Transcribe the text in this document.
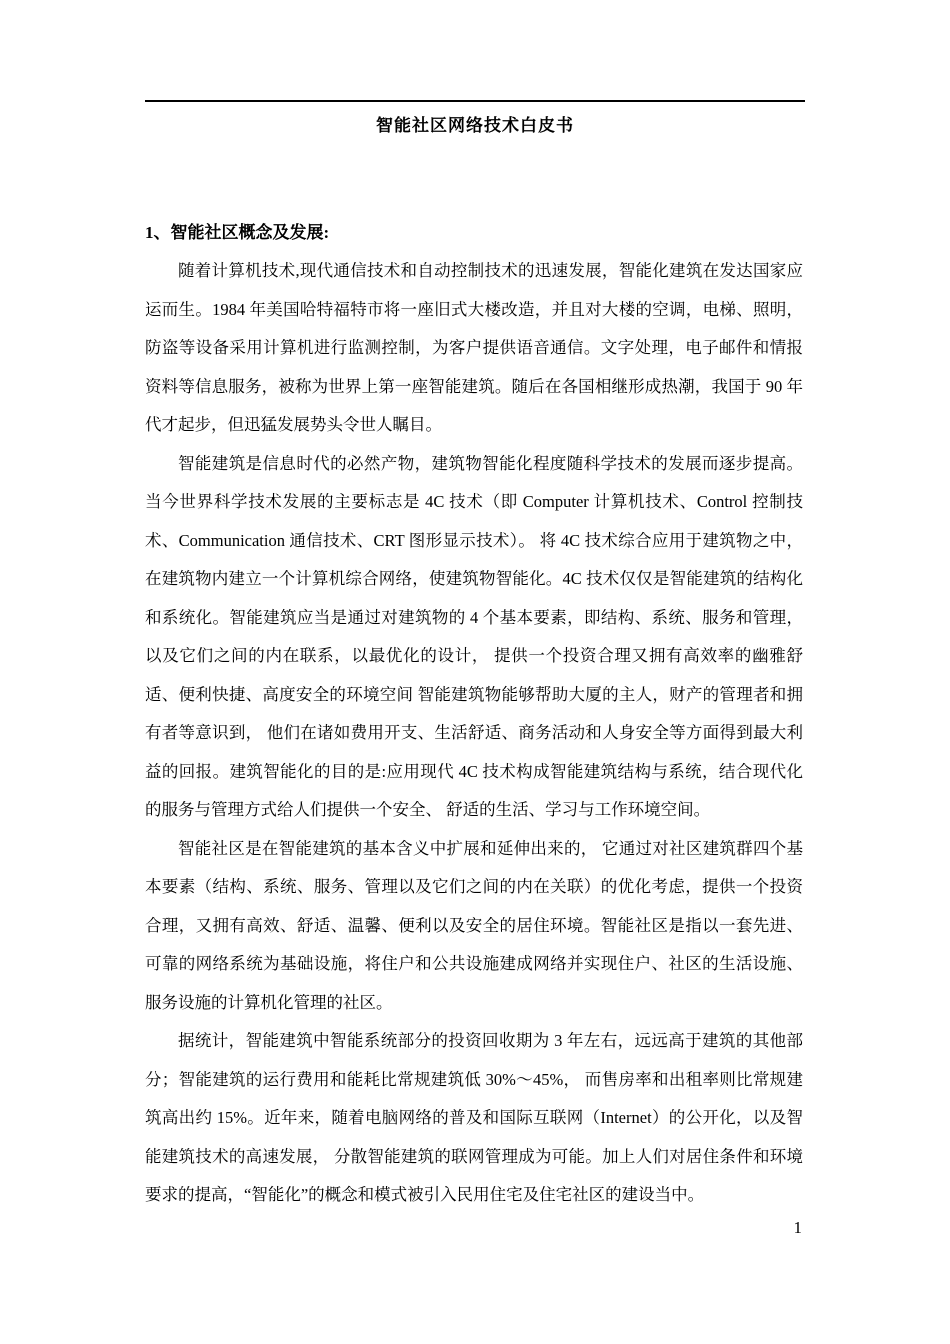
智能社区网络技术白皮书
1、智能社区概念及发展:

随着计算机技术,现代通信技术和自动控制技术的迅速发展，智能化建筑在发达国家应运而生。1984 年美国哈特福特市将一座旧式大楼改造，并且对大楼的空调，电梯、照明，防盗等设备采用计算机进行监测控制，为客户提供语音通信。文字处理，电子邮件和情报资料等信息服务，被称为世界上第一座智能建筑。随后在各国相继形成热潮，我国于 90 年代才起步，但迅猛发展势头令世人瞩目。

智能建筑是信息时代的必然产物，建筑物智能化程度随科学技术的发展而逐步提高。 当今世界科学技术发展的主要标志是 4C 技术（即 Computer 计算机技术、Control 控制技术、Communication 通信技术、CRT 图形显示技术）。 将 4C 技术综合应用于建筑物之中，在建筑物内建立一个计算机综合网络，使建筑物智能化。4C 技术仅仅是智能建筑的结构化和系统化。智能建筑应当是通过对建筑物的 4 个基本要素，即结构、系统、服务和管理，以及它们之间的内在联系，以最优化的设计， 提供一个投资合理又拥有高效率的幽雅舒适、便利快捷、高度安全的环境空间 智能建筑物能够帮助大厦的主人，财产的管理者和拥有者等意识到， 他们在诸如费用开支、生活舒适、商务活动和人身安全等方面得到最大利益的回报。建筑智能化的目的是:应用现代 4C 技术构成智能建筑结构与系统，结合现代化的服务与管理方式给人们提供一个安全、 舒适的生活、学习与工作环境空间。

智能社区是在智能建筑的基本含义中扩展和延伸出来的， 它通过对社区建筑群四个基本要素（结构、系统、服务、管理以及它们之间的内在关联）的优化考虑，提供一个投资合理，又拥有高效、舒适、温馨、便利以及安全的居住环境。智能社区是指以一套先进、可靠的网络系统为基础设施，将住户和公共设施建成网络并实现住户、社区的生活设施、服务设施的计算机化管理的社区。

据统计，智能建筑中智能系统部分的投资回收期为 3 年左右，远远高于建筑的其他部分；智能建筑的运行费用和能耗比常规建筑低 30%～45%， 而售房率和出租率则比常规建筑高出约 15%。近年来，随着电脑网络的普及和国际互联网（Internet）的公开化，以及智能建筑技术的高速发展， 分散智能建筑的联网管理成为可能。加上人们对居住条件和环境要求的提高，“智能化”的概念和模式被引入民用住宅及住宅社区的建设当中。

1
